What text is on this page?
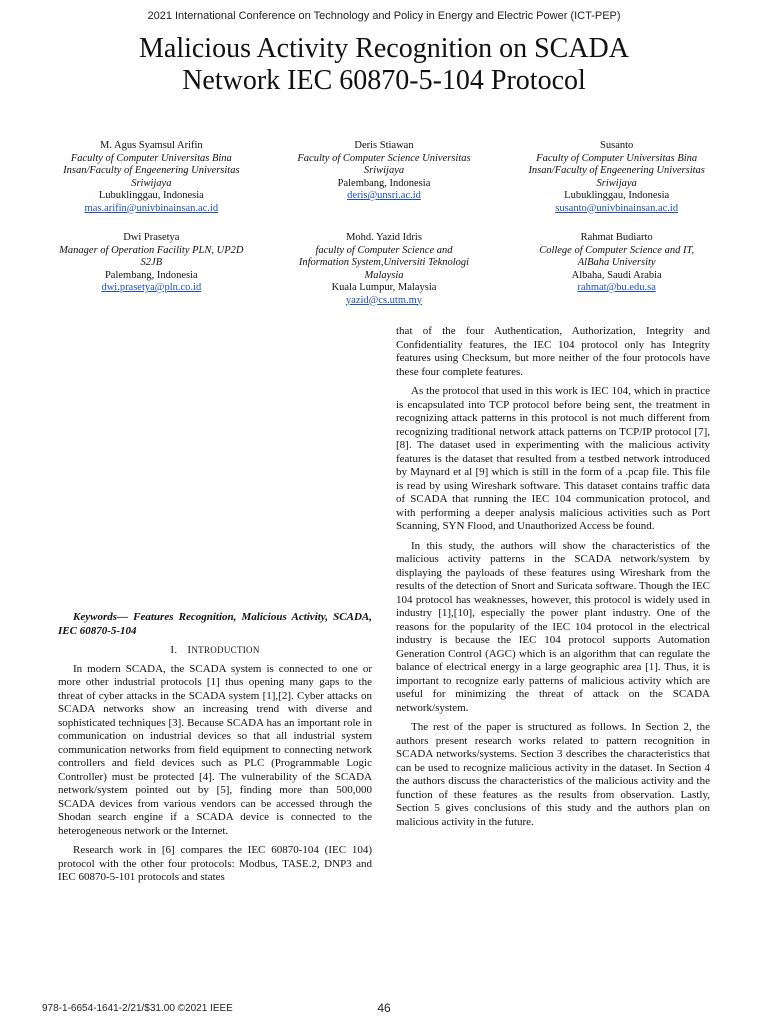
2021 International Conference on Technology and Policy in Energy and Electric Power (ICT-PEP)
Malicious Activity Recognition on SCADA
Network IEC 60870-5-104 Protocol
M. Agus Syamsul Arifin
Faculty of Computer Universitas Bina
Insan/Faculty of Engeenering Universitas
Sriwijaya
Lubuklinggau, Indonesia
mas.arifin@univbinainsan.ac.id
Deris Stiawan
Faculty of Computer Science Universitas
Sriwijaya
Palembang, Indonesia
deris@unsri.ac.id
Susanto
Faculty of Computer Universitas Bina
Insan/Faculty of Engeenering Universitas
Sriwijaya
Lubuklinggau, Indonesia
susanto@univbinainsan.ac.id
Dwi Prasetya
Manager of Operation Facility PLN, UP2D
S2JB
Palembang, Indonesia
dwi.prasetya@pln.co.id
Mohd. Yazid Idris
faculty of Computer Science and
Information System,Universiti Teknologi
Malaysia
Kuala Lumpur, Malaysia
yazid@cs.utm.my
Rahmat Budiarto
College of Computer Science and IT,
AlBaha University
Albaha, Saudi Arabia
rahmat@bu.edu.sa

Keywords— Features Recognition, Malicious Activity, SCADA, IEC 60870-5-104

I. INTRODUCTION

In modern SCADA, the SCADA system is connected to one or more other industrial protocols [1] thus opening many gaps to the threat of cyber attacks in the SCADA system [1],[2]. Cyber attacks on SCADA networks show an increasing trend with diverse and sophisticated techniques [3]. Because SCADA has an important role in communication on industrial devices so that all industrial system communication networks from field equipment to connecting network controllers and field devices such as PLC (Programmable Logic Controller) must be protected [4]. The vulnerability of the SCADA network/system pointed out by [5], finding more than 500,000 SCADA devices from various vendors can be accessed through the Shodan search engine if a SCADA device is connected to the heterogeneous network or the Internet.

Research work in [6] compares the IEC 60870-104 (IEC 104) protocol with the other four protocols: Modbus, TASE.2, DNP3 and IEC 60870-5-101 protocols and states

that of the four Authentication, Authorization, Integrity and Confidentiality features, the IEC 104 protocol only has Integrity features using Checksum, but more neither of the four protocols have these four complete features.

As the protocol that used in this work is IEC 104, which in practice is encapsulated into TCP protocol before being sent, the treatment in recognizing attack patterns in this protocol is not much different from recognizing traditional network attack patterns on TCP/IP protocol [7],[8]. The dataset used in experimenting with the malicious activity features is the dataset that resulted from a testbed network introduced by Maynard et al [9] which is still in the form of a .pcap file. This file is read by using Wireshark software. This dataset contains traffic data of SCADA that running the IEC 104 communication protocol, and with performing a deeper analysis malicious activities such as Port Scanning, SYN Flood, and Unauthorized Access be found.

In this study, the authors will show the characteristics of the malicious activity patterns in the SCADA network/system by displaying the payloads of these features using Wireshark from the results of the detection of Snort and Suricata software. Though the IEC 104 protocol has weaknesses, however, this protocol is widely used in industry [1],[10], especially the power plant industry. One of the reasons for the popularity of the IEC 104 protocol in the electrical industry is because the IEC 104 protocol supports Automation Generation Control (AGC) which is an algorithm that can regulate the balance of electrical energy in a large geographic area [1]. Thus, it is important to recognize early patterns of malicious activity which are useful for minimizing the threat of attack on the SCADA network/system.

The rest of the paper is structured as follows. In Section 2, the authors present research works related to pattern recognition in SCADA networks/systems. Section 3 describes the characteristics that can be used to recognize malicious activity in the dataset. In Section 4 the authors discuss the characteristics of the malicious activity and the function of these features as the results from observation. Lastly, Section 5 gives conclusions of this study and the authors plan on malicious activity in the future.

978-1-6654-1641-2/21/$31.00 ©2021 IEEE	46
